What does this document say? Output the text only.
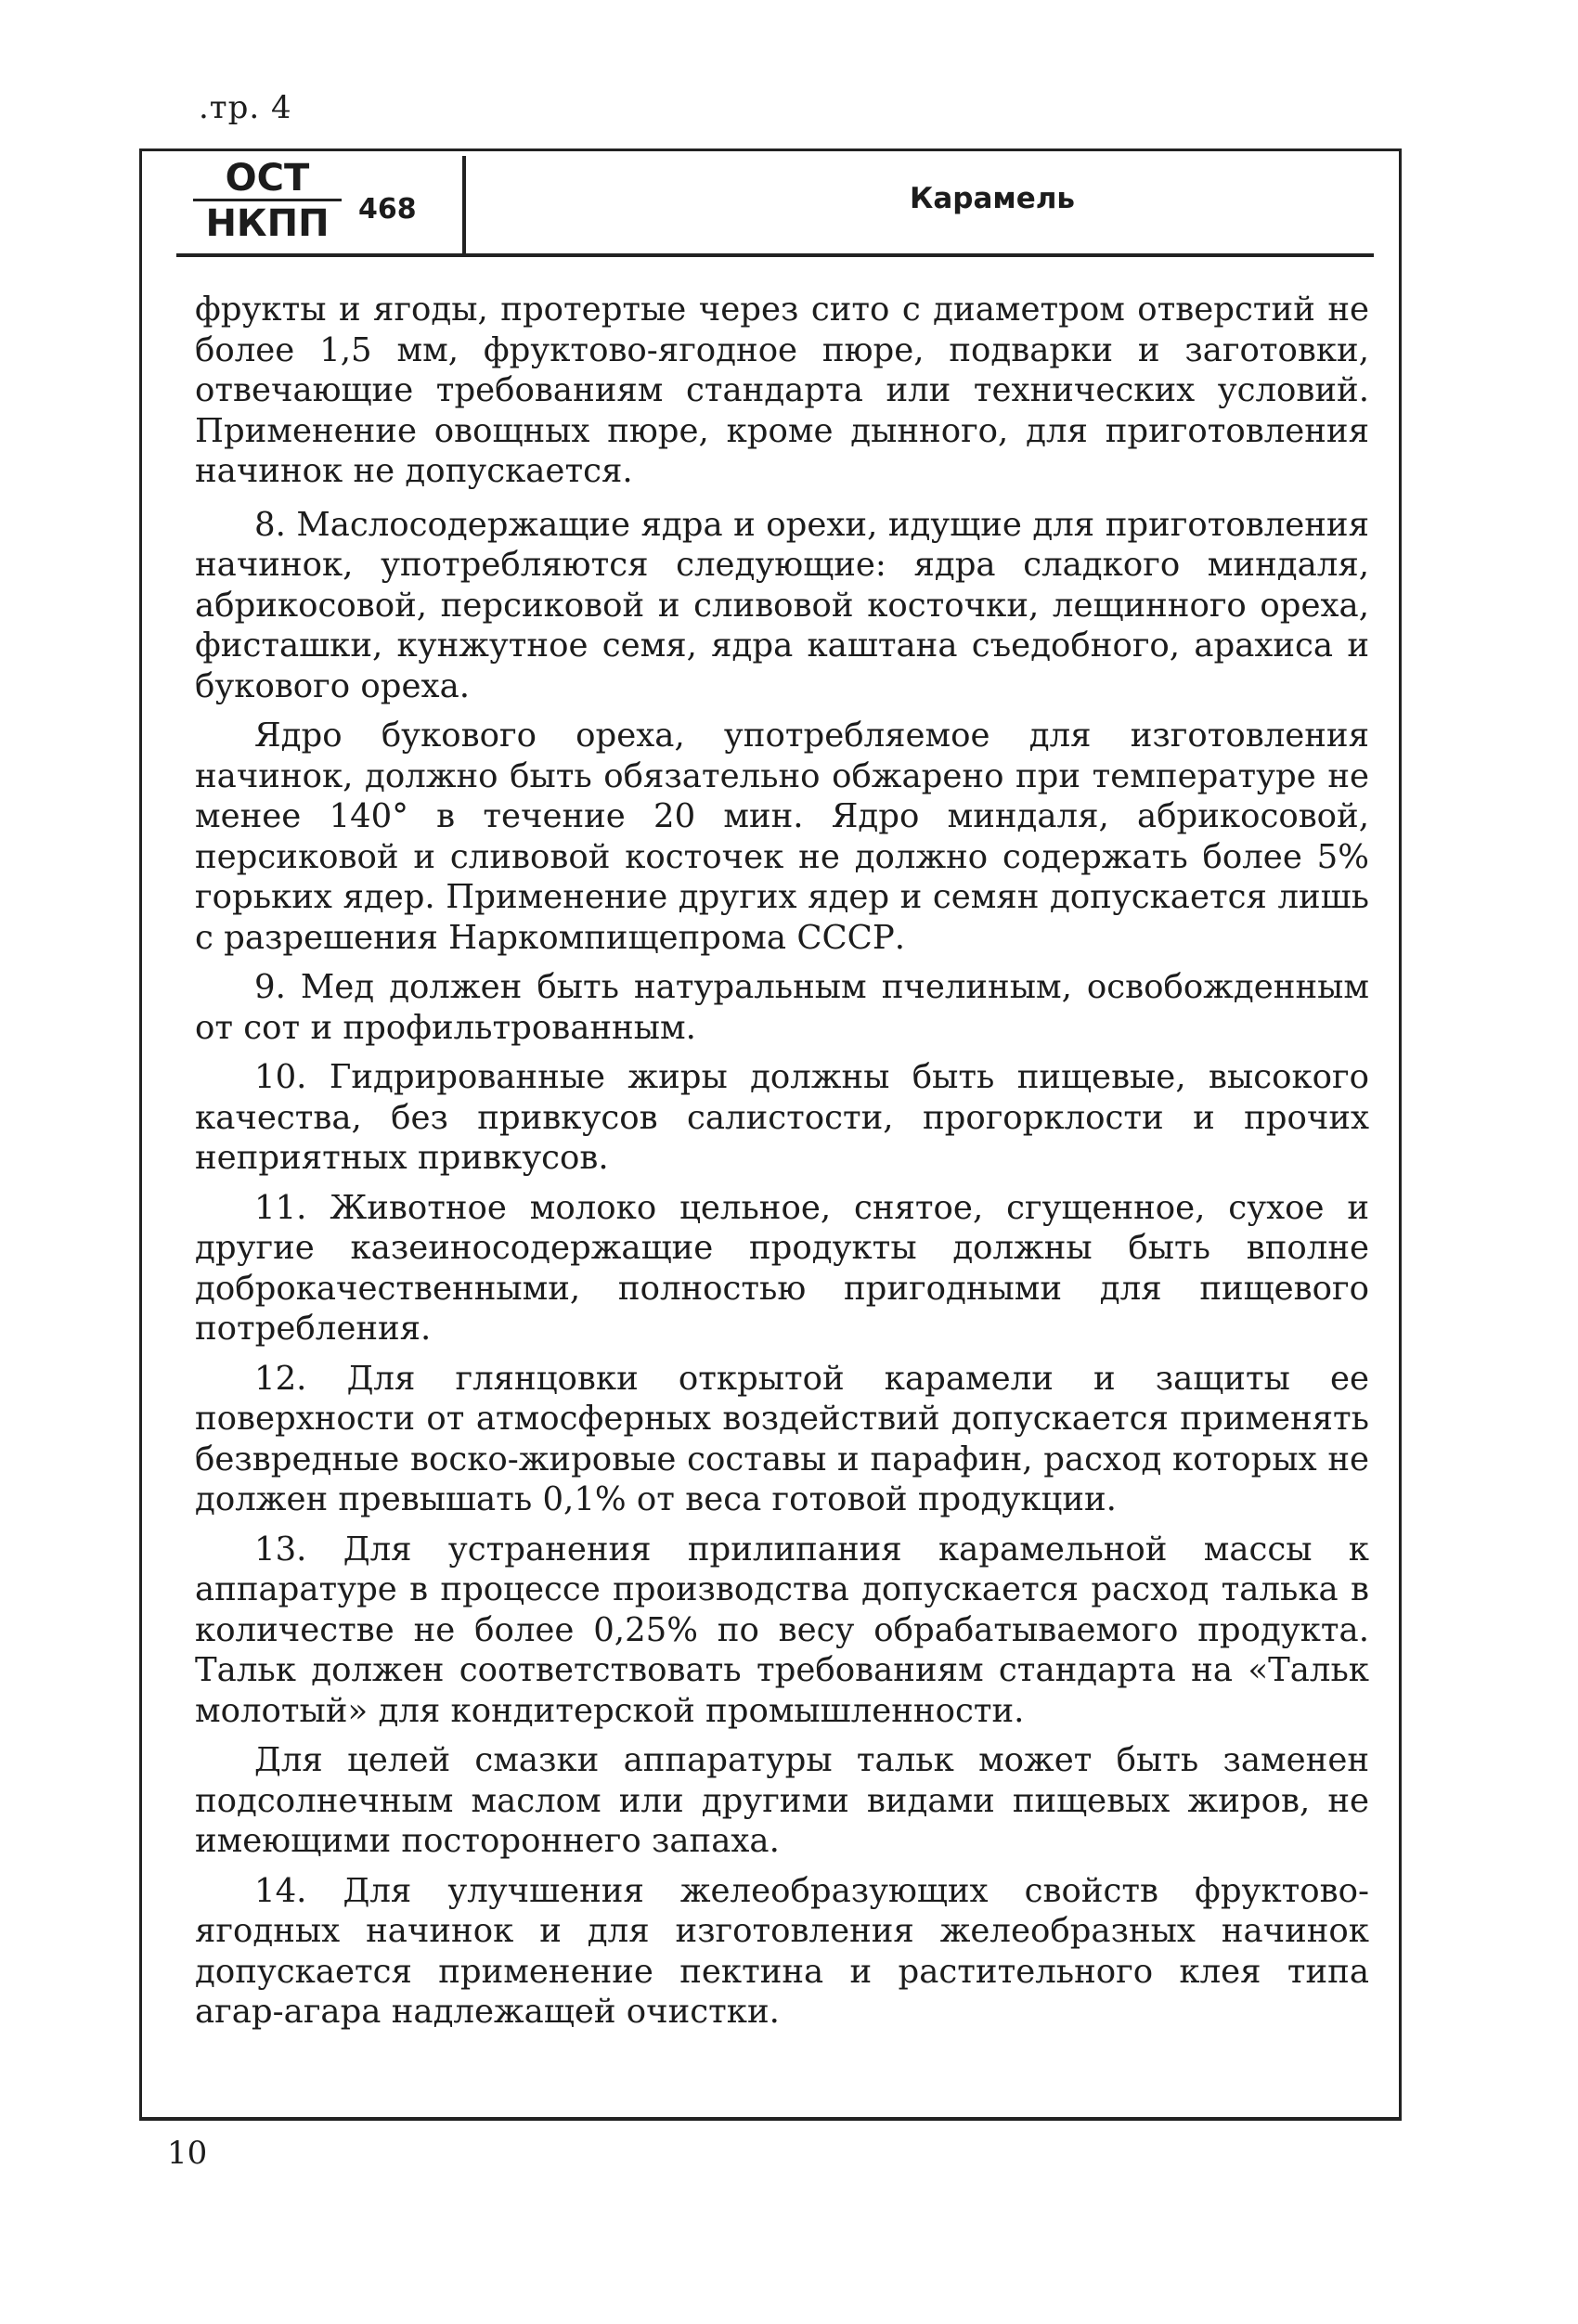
.тр. 4
ОСТ
НКПП	468	Карамель

фрукты и ягоды, протертые через сито с диаметром отверстий не более 1,5 мм, фруктово-ягодное пюре, подварки и заготовки, отвечающие требованиям стандарта или технических условий. Применение овощных пюре, кроме дынного, для приготовления начинок не допускается.

8. Маслосодержащие ядра и орехи, идущие для приготовления начинок, употребляются следующие: ядра сладкого миндаля, абрикосовой, персиковой и сливовой косточки, лещинного ореха, фисташки, кунжутное семя, ядра каштана съедобного, арахиса и букового ореха.

Ядро букового ореха, употребляемое для изготовления начинок, должно быть обязательно обжарено при температуре не менее 140° в течение 20 мин. Ядро миндаля, абрикосовой, персиковой и сливовой косточек не должно содержать более 5% горьких ядер. Применение других ядер и семян допускается лишь с разрешения Наркомпищепрома СССР.

9. Мед должен быть натуральным пчелиным, освобожденным от сот и профильтрованным.

10. Гидрированные жиры должны быть пищевые, высокого качества, без привкусов салистости, прогорклости и прочих неприятных привкусов.

11. Животное молоко цельное, снятое, сгущенное, сухое и другие казеиносодержащие продукты должны быть вполне доброкачественными, полностью пригодными для пищевого потребления.

12. Для глянцовки открытой карамели и защиты ее поверхности от атмосферных воздействий допускается применять безвредные воско-жировые составы и парафин, расход которых не должен превышать 0,1% от веса готовой продукции.

13. Для устранения прилипания карамельной массы к аппаратуре в процессе производства допускается расход талька в количестве не более 0,25% по весу обрабатываемого продукта. Тальк должен соответствовать требованиям стандарта на «Тальк молотый» для кондитерской промышленности.

Для целей смазки аппаратуры тальк может быть заменен подсолнечным маслом или другими видами пищевых жиров, не имеющими постороннего запаха.

14. Для улучшения желеобразующих свойств фруктово-ягодных начинок и для изготовления желеобразных начинок допускается применение пектина и растительного клея типа агар-агара надлежащей очистки.

10
